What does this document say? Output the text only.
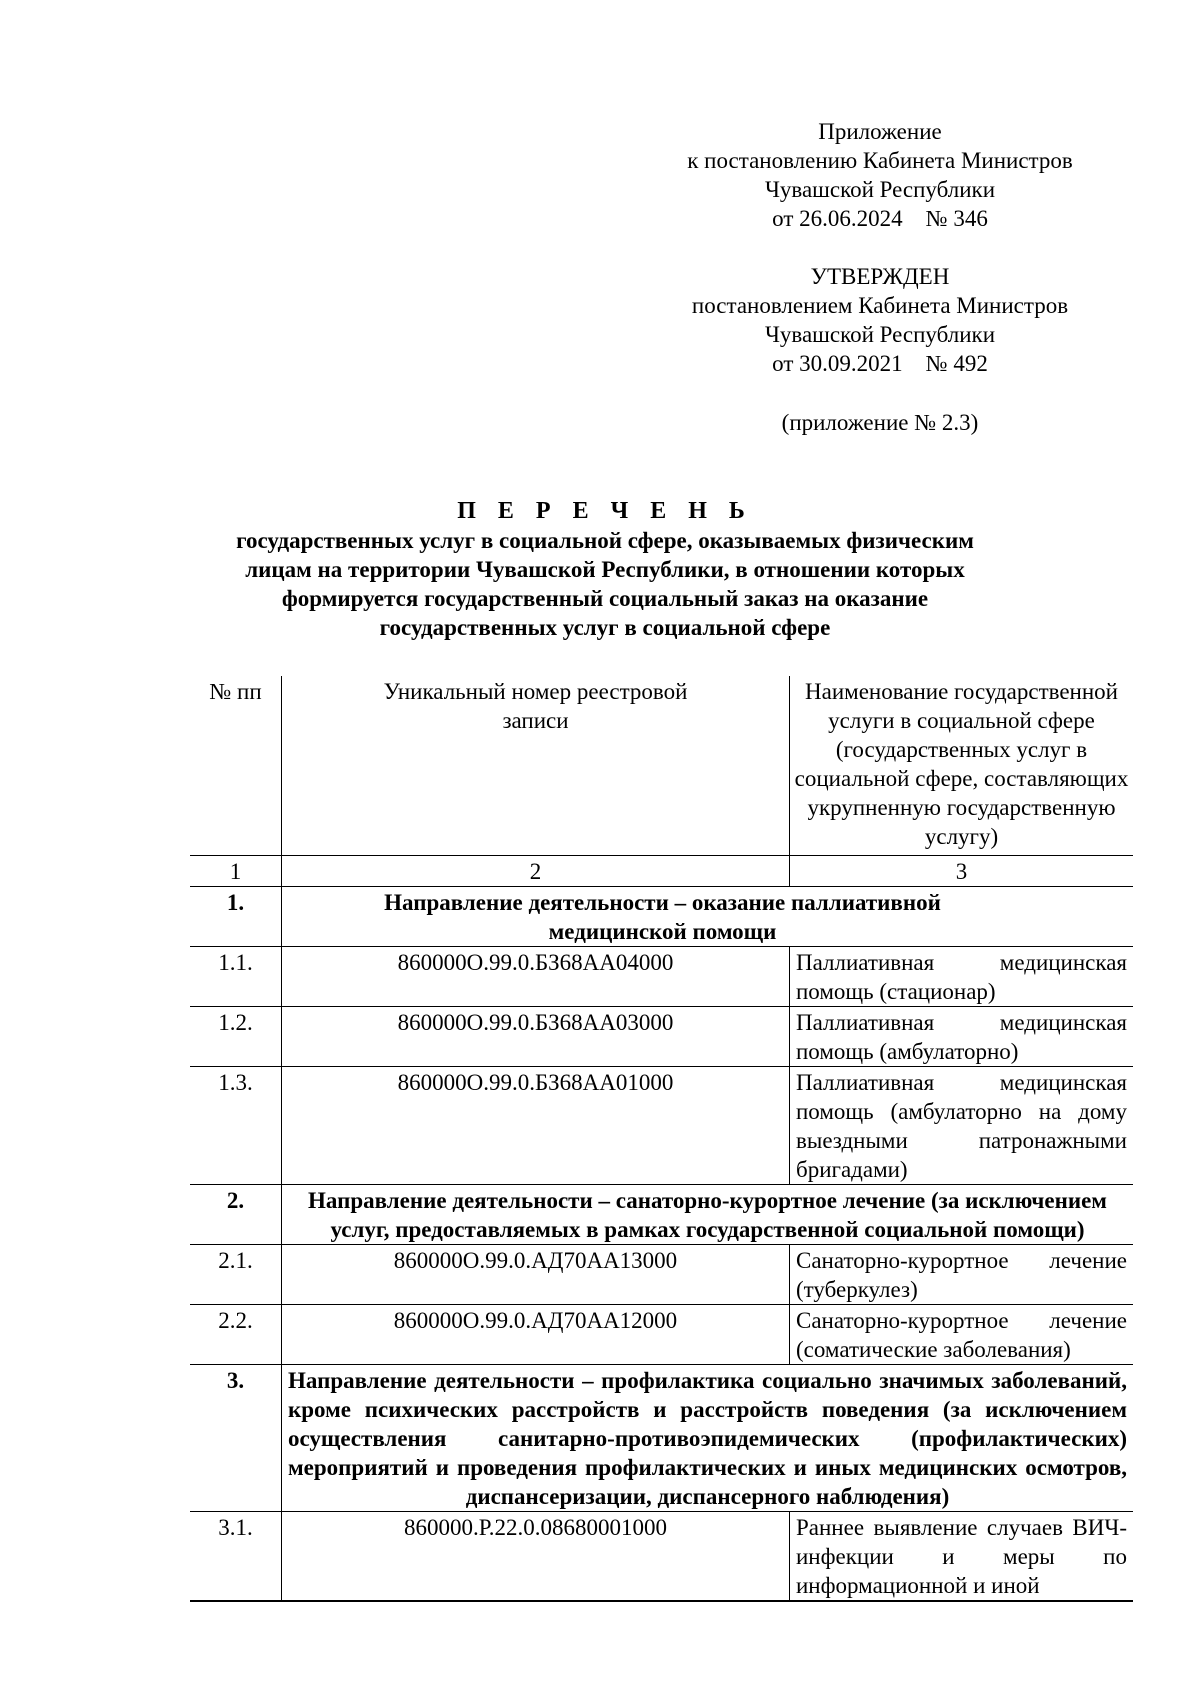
Приложение
к постановлению Кабинета Министров
Чувашской Республики
от 26.06.2024    № 346
УТВЕРЖДЕН
постановлением Кабинета Министров
Чувашской Республики
от 30.09.2021    № 492
(приложение № 2.3)
П Е Р Е Ч Е Н Ь
государственных услуг в социальной сфере, оказываемых физическим
лицам на территории Чувашской Республики, в отношении которых
формируется государственный социальный заказ на оказание
государственных услуг в социальной сфере
№ пп	Уникальный номер реестровой записи	Наименование государственной услуги в социальной сфере (государственных услуг в социальной сфере, составляющих укрупненную государственную услугу)
1	2	3
1.	Направление деятельности – оказание паллиативной медицинской помощи	
1.1.	860000О.99.0.БЗ68АА04000	Паллиативная медицинская помощь (стационар)
1.2.	860000О.99.0.БЗ68АА03000	Паллиативная медицинская помощь (амбулаторно)
1.3.	860000О.99.0.БЗ68АА01000	Паллиативная медицинская помощь (амбулаторно на дому выездными патронажными бригадами)
2.	Направление деятельности – санаторно-курортное лечение (за исключением услуг, предоставляемых в рамках государственной социальной помощи)	
2.1.	860000О.99.0.АД70АА13000	Санаторно-курортное лечение (туберкулез)
2.2.	860000О.99.0.АД70АА12000	Санаторно-курортное лечение (соматические заболевания)
3.	Направление деятельности – профилактика социально значимых заболеваний, кроме психических расстройств и расстройств поведения (за исключением осуществления санитарно-противоэпидемических (профилактических) мероприятий и проведения профилактических и иных медицинских осмотров, диспансеризации, диспансерного наблюдения)	
3.1.	860000.Р.22.0.08680001000	Раннее выявление случаев ВИЧ-инфекции и меры по информационной и иной
